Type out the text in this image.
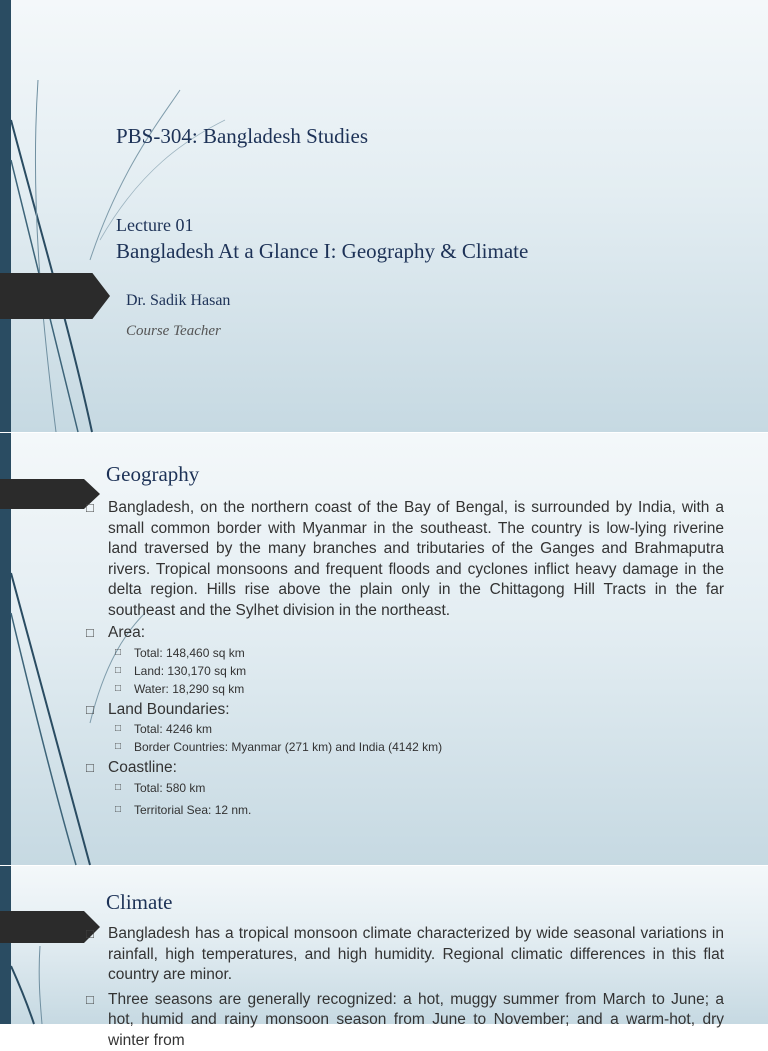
PBS-304: Bangladesh Studies
Lecture 01
Bangladesh At a Glance I: Geography & Climate
Dr. Sadik Hasan
Course Teacher
Geography
□ Bangladesh, on the northern coast of the Bay of Bengal, is surrounded by India, with a small common border with Myanmar in the southeast. The country is low-lying riverine land traversed by the many branches and tributaries of the Ganges and Brahmaputra rivers. Tropical monsoons and frequent floods and cyclones inflict heavy damage in the delta region. Hills rise above the plain only in the Chittagong Hill Tracts in the far southeast and the Sylhet division in the northeast.
□ Area:
□ Total: 148,460 sq km
□ Land: 130,170 sq km
□ Water: 18,290 sq km
□ Land Boundaries:
□ Total: 4246 km
□ Border Countries: Myanmar (271 km) and India (4142 km)
□ Coastline:
□ Total: 580 km
□ Territorial Sea: 12 nm.
Climate
□ Bangladesh has a tropical monsoon climate characterized by wide seasonal variations in rainfall, high temperatures, and high humidity. Regional climatic differences in this flat country are minor.
□ Three seasons are generally recognized: a hot, muggy summer from March to June; a hot, humid and rainy monsoon season from June to November; and a warm-hot, dry winter from
